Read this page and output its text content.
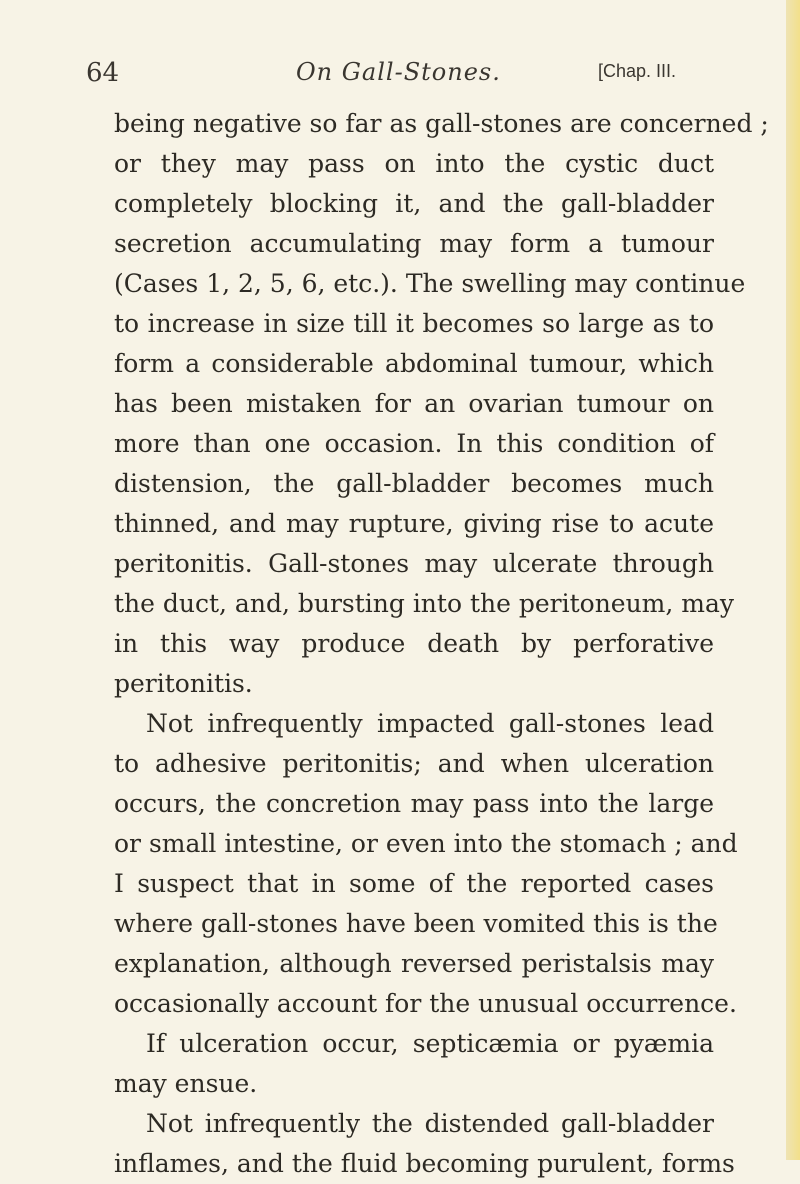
64	On Gall-Stones.	[Chap. III.
being negative so far as gall-stones are concerned ;
or they may pass on into the cystic duct
completely blocking it, and the gall-bladder
secretion accumulating may form a tumour
(Cases 1, 2, 5, 6, etc.). The swelling may continue
to increase in size till it becomes so large as to
form a considerable abdominal tumour, which
has been mistaken for an ovarian tumour on
more than one occasion. In this condition of
distension, the gall-bladder becomes much
thinned, and may rupture, giving rise to acute
peritonitis. Gall-stones may ulcerate through
the duct, and, bursting into the peritoneum, may
in this way produce death by perforative
peritonitis.
Not infrequently impacted gall-stones lead
to adhesive peritonitis; and when ulceration
occurs, the concretion may pass into the large
or small intestine, or even into the stomach ; and
I suspect that in some of the reported cases
where gall-stones have been vomited this is the
explanation, although reversed peristalsis may
occasionally account for the unusual occurrence.
If ulceration occur, septicæmia or pyæmia
may ensue.
Not infrequently the distended gall-bladder
inflames, and the fluid becoming purulent, forms
